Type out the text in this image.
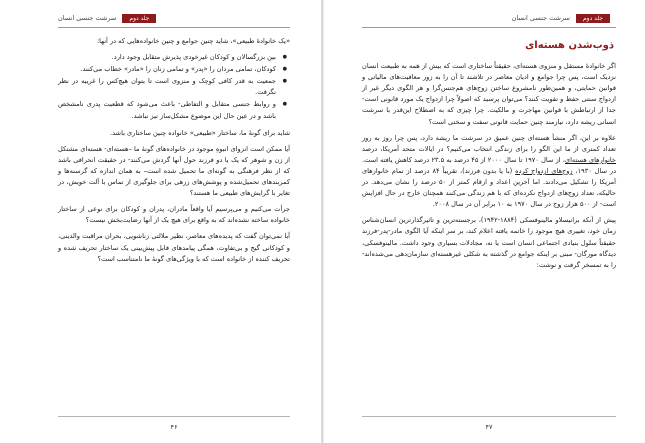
سرشت جنسی انسان	جلد دوم

«یک خانوادهٔ طبیعی»، شاید چنین جوامع و چنین خانواده‌هایی که در آنها:

● بین بزرگسالان و کودکان غیرخودی پذیرش متقابل وجود دارد.
● کودکان، تمامی مردان را «پدر» و تمامی زنان را «مادر» خطاب می‌کنند.
● جمعیت به قدر کافی کوچک و منزوی است تا بتوان هیچ‌کس را غریبه در نظر نگرفت.
● و روابط جنسی متقابل و التفاطی- باعث می‌شود که قطعیت پدری نامشخص باشد و در عین حال این موضوع مشکل‌ساز نیز نباشد.

شاید برای گونهٔ ما، ساختار «طبیعی» خانواده چنین ساختاری باشد.

آیا ممکن است انزوای انبوهِ موجود در خانواده‌های گونهٔ ما –هسته‌ای- هسته‌ای مشتکل از زن و شوهر که یک یا دو فرزند حول آنها گردش می‌کنند- در حقیقت انحرافی باشد که از نظر فرهنگی به گونه‌ای ما تحمیل شده است– به همان اندازه که گرسنه‌ها و کمربندهای تحمیل‌شده و پوشش‌های زرهی برای جلوگیری از تماس با آلت خویش، در تغایر با گرایش‌های طبیعی ما هستند؟

جرأت می‌کنیم و می‌پرسیم آیا واقعاً مادران، پدران و کودکان برای نوعی از ساختار خانواده ساخته نشده‌اند که به واقع برای هیچ یک از آنها رضایت‌بخش نیست؟

آیا نمی‌توان گفت که پدیده‌های معاصر، نظیر ملالتی زناشویی، بحران مراقبت والدینی، و کودکانی گیج و بی‌تفاوت، همگی پیامدهای قابل پیش‌بینی یک ساختار تحریف شده و تحریف کننده از خانواده است که با ویژگی‌های گونهٔ ما نامتناسب است؟

۴۶
سرشت جنسی انسان	جلد دوم
ذوب‌شدن هسته‌ای

اگر خانوادهٔ مستقل و منزوی هسته‌ای، حقیقتاً ساختاری است که بیش از همه به طبیعت انسان نزدیک است، پس چرا جوامع و ادیان معاصر در تلاشند تا آن را به زور معافیت‌های مالیاتی و قوانین حمایتی، و همین‌طور نامشروع ساختن زوج‌های هم‌جنس‌گرا و هر الگوی دیگر غیر از ازدواج سنتی حفظ و تقویت کنند؟ می‌توان پرسید که اصولاً چرا ازدواج یک مورد قانونی است- جدا از ارتباطش با قوانین مهاجرت و مالکیت. چرا چیزی که به اصطلاح این‌قدر با سرشت انسانی ریشه دارد، نیازمند چنین حمایت قانونی سفت و سختی است؟

علاوه بر این، اگر منشأ هسته‌ای چنین عمیق در سرشت ما ریشه دارد، پس چرا روز به روز تعداد کمتری از ما این الگو را برای زندگی انتخاب می‌کنیم؟ در ایالات متحد آمریکا، درصد خانوارهای هسته‌ای، از سال ۱۹۷۰ تا سال ۲۰۰۰ از ۴۵ درصد به ۲۳.۵ درصد کاهش یافته است. در سال ۱۹۳۰، زوج‌های ازدواج کرده (با یا بدون فرزند)، تقریباً ۸۴ درصد از تمام خانوارهای آمریکا را تشکیل می‌دادند. اما آخرین اعداد و ارقام کمتر از ۵۰ درصد را نشان می‌دهد. در حالیکه، تعداد زوج‌های ازدواج نکرده‌ای که با هم زندگی می‌کنند همچنان خارج در حال افزایش است- از ۵۰۰ هزار زوج در سال ۱۹۷۰ به ۱۰ برابر آن در سال ۲۰۰۸.

پیش از آنکه برانیسلاو مالینوفسکی (۱۸۸۴-۱۹۴۲)، برجسته‌ترین و تاثیرگذارترین انسان‌شناس زمان خود، تغییری هیچ موجود را خاتمه یافته اعلام کند، بر سر اینکه آیا الگوی مادر-پدر-فرزند حقیقتاً سلول بنیادی اجتماعی انسان است یا نه، مجادلات بسیاری وجود داشت. مالینوفسکی، دیدگاه مورگان- مبنی بر اینکه جوامع در گذشته به شکلی غیرهسته‌ای سازمان‌دهی می‌شده‌اند- را به تمسخر گرفت و نوشت:

۴۷
